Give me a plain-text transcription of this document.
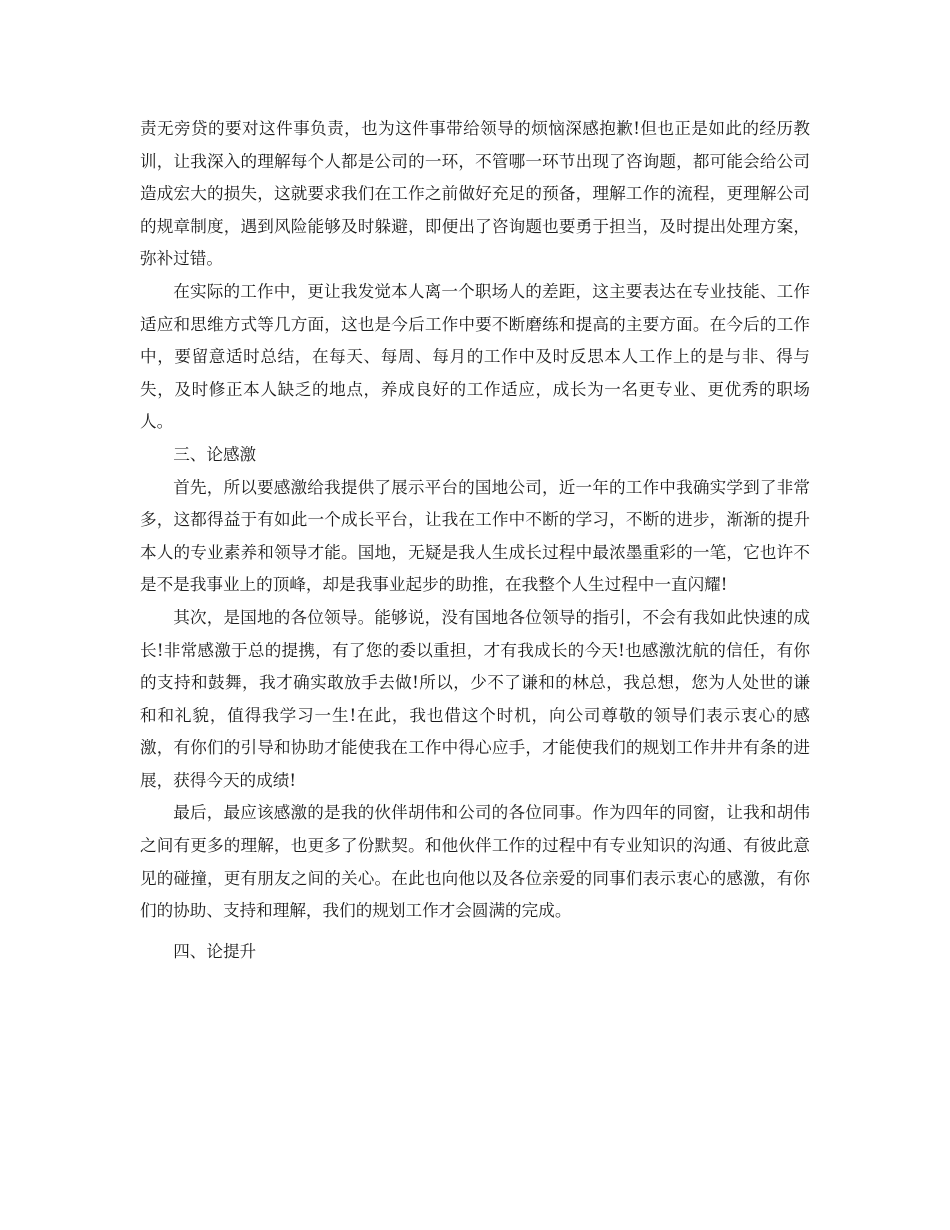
责无旁贷的要对这件事负责，也为这件事带给领导的烦恼深感抱歉!但也正是如此的经历教训，让我深入的理解每个人都是公司的一环，不管哪一环节出现了咨询题，都可能会给公司造成宏大的损失，这就要求我们在工作之前做好充足的预备，理解工作的流程，更理解公司的规章制度，遇到风险能够及时躲避，即便出了咨询题也要勇于担当，及时提出处理方案，弥补过错。

在实际的工作中，更让我发觉本人离一个职场人的差距，这主要表达在专业技能、工作适应和思维方式等几方面，这也是今后工作中要不断磨练和提高的主要方面。在今后的工作中，要留意适时总结，在每天、每周、每月的工作中及时反思本人工作上的是与非、得与失，及时修正本人缺乏的地点，养成良好的工作适应，成长为一名更专业、更优秀的职场人。

三、论感激

首先，所以要感激给我提供了展示平台的国地公司，近一年的工作中我确实学到了非常多，这都得益于有如此一个成长平台，让我在工作中不断的学习，不断的进步，渐渐的提升本人的专业素养和领导才能。国地，无疑是我人生成长过程中最浓墨重彩的一笔，它也许不是不是我事业上的顶峰，却是我事业起步的助推，在我整个人生过程中一直闪耀!

其次，是国地的各位领导。能够说，没有国地各位领导的指引，不会有我如此快速的成长!非常感激于总的提携，有了您的委以重担，才有我成长的今天!也感激沈航的信任，有你的支持和鼓舞，我才确实敢放手去做!所以，少不了谦和的林总，我总想，您为人处世的谦和和礼貌，值得我学习一生!在此，我也借这个时机，向公司尊敬的领导们表示衷心的感激，有你们的引导和协助才能使我在工作中得心应手，才能使我们的规划工作井井有条的进展，获得今天的成绩!

最后，最应该感激的是我的伙伴胡伟和公司的各位同事。作为四年的同窗，让我和胡伟之间有更多的理解，也更多了份默契。和他伙伴工作的过程中有专业知识的沟通、有彼此意见的碰撞，更有朋友之间的关心。在此也向他以及各位亲爱的同事们表示衷心的感激，有你们的协助、支持和理解，我们的规划工作才会圆满的完成。

四、论提升
